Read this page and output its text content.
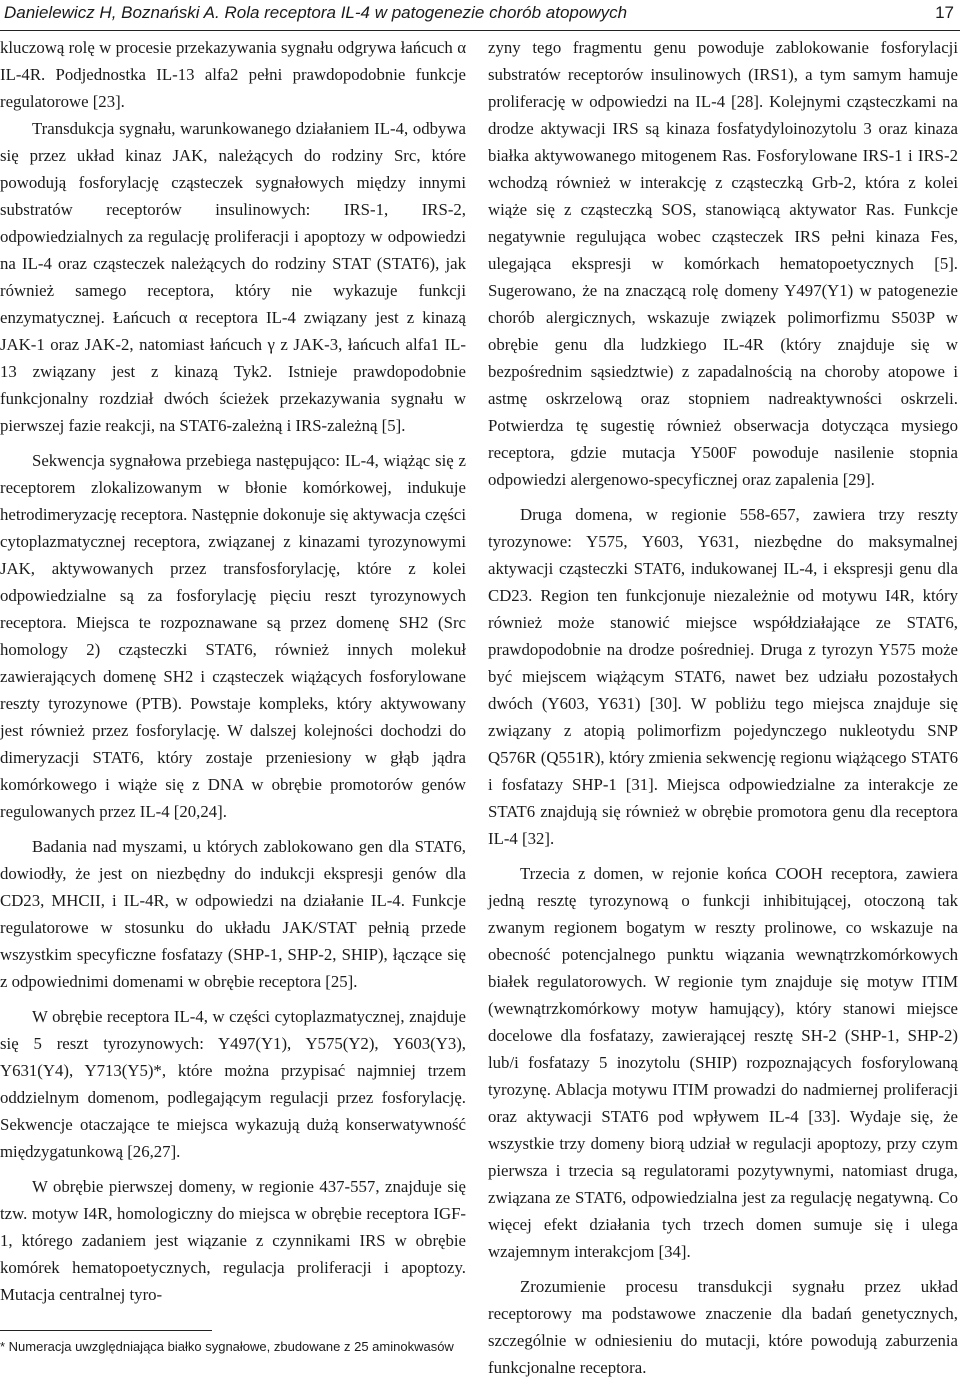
Danielewicz H, Boznański A. Rola receptora IL-4 w patogenezie chorób atopowych	17

kluczową rolę w procesie przekazywania sygnału odgrywa łańcuch α IL-4R. Podjednostka IL-13 alfa2 pełni prawdopodobnie funkcje regulatorowe [23].

Transdukcja sygnału, warunkowanego działaniem IL-4, odbywa się przez układ kinaz JAK, należących do rodziny Src, które powodują fosforylację cząsteczek sygnałowych między innymi substratów receptorów insulinowych: IRS-1, IRS-2, odpowiedzialnych za regulację proliferacji i apoptozy w odpowiedzi na IL-4 oraz cząsteczek należących do rodziny STAT (STAT6), jak również samego receptora, który nie wykazuje funkcji enzymatycznej. Łańcuch α receptora IL-4 związany jest z kinazą JAK-1 oraz JAK-2, natomiast łańcuch γ z JAK-3, łańcuch alfa1 IL-13 związany jest z kinazą Tyk2. Istnieje prawdopodobnie funkcjonalny rozdział dwóch ścieżek przekazywania sygnału w pierwszej fazie reakcji, na STAT6-zależną i IRS-zależną [5].

Sekwencja sygnałowa przebiega następująco: IL-4, wiążąc się z receptorem zlokalizowanym w błonie komórkowej, indukuje hetrodimeryzację receptora. Następnie dokonuje się aktywacja części cytoplazmatycznej receptora, związanej z kinazami tyrozynowymi JAK, aktywowanych przez transfosforylację, które z kolei odpowiedzialne są za fosforylację pięciu reszt tyrozynowych receptora. Miejsca te rozpoznawane są przez domenę SH2 (Src homology 2) cząsteczki STAT6, również innych molekuł zawierających domenę SH2 i cząsteczek wiążących fosforylowane reszty tyrozynowe (PTB). Powstaje kompleks, który aktywowany jest również przez fosforylację. W dalszej kolejności dochodzi do dimeryzacji STAT6, który zostaje przeniesiony w głąb jądra komórkowego i wiąże się z DNA w obrębie promotorów genów regulowanych przez IL-4 [20,24].

Badania nad myszami, u których zablokowano gen dla STAT6, dowiodły, że jest on niezbędny do indukcji ekspresji genów dla CD23, MHCII, i IL-4R, w odpowiedzi na działanie IL-4. Funkcje regulatorowe w stosunku do układu JAK/STAT pełnią przede wszystkim specyficzne fosfatazy (SHP-1, SHP-2, SHIP), łączące się z odpowiednimi domenami w obrębie receptora [25].

W obrębie receptora IL-4, w części cytoplazmatycznej, znajduje się 5 reszt tyrozynowych: Y497(Y1), Y575(Y2), Y603(Y3), Y631(Y4), Y713(Y5)*, które można przypisać najmniej trzem oddzielnym domenom, podlegającym regulacji przez fosforylację. Sekwencje otaczające te miejsca wykazują dużą konserwatywność międzygatunkową [26,27].

W obrębie pierwszej domeny, w regionie 437-557, znajduje się tzw. motyw I4R, homologiczny do miejsca w obrębie receptora IGF-1, którego zadaniem jest wiązanie z czynnikami IRS w obrębie komórek hematopoetycznych, regulacja proliferacji i apoptozy. Mutacja centralnej tyro-

zyny tego fragmentu genu powoduje zablokowanie fosforylacji substratów receptorów insulinowych (IRS1), a tym samym hamuje proliferację w odpowiedzi na IL-4 [28]. Kolejnymi cząsteczkami na drodze aktywacji IRS są kinaza fosfatydyloinozytolu 3 oraz kinaza białka aktywowanego mitogenem Ras. Fosforylowane IRS-1 i IRS-2 wchodzą również w interakcję z cząsteczką Grb-2, która z kolei wiąże się z cząsteczką SOS, stanowiącą aktywator Ras. Funkcje negatywnie regulująca wobec cząsteczek IRS pełni kinaza Fes, ulegająca ekspresji w komórkach hematopoetycznych [5]. Sugerowano, że na znaczącą rolę domeny Y497(Y1) w patogenezie chorób alergicznych, wskazuje związek polimorfizmu S503P w obrębie genu dla ludzkiego IL-4R (który znajduje się w bezpośrednim sąsiedztwie) z zapadalnością na choroby atopowe i astmę oskrzelową oraz stopniem nadreaktywności oskrzeli. Potwierdza tę sugestię również obserwacja dotycząca mysiego receptora, gdzie mutacja Y500F powoduje nasilenie stopnia odpowiedzi alergenowo-specyficznej oraz zapalenia [29].

Druga domena, w regionie 558-657, zawiera trzy reszty tyrozynowe: Y575, Y603, Y631, niezbędne do maksymalnej aktywacji cząsteczki STAT6, indukowanej IL-4, i ekspresji genu dla CD23. Region ten funkcjonuje niezależnie od motywu I4R, który również może stanowić miejsce współdziałające ze STAT6, prawdopodobnie na drodze pośredniej. Druga z tyrozyn Y575 może być miejscem wiążącym STAT6, nawet bez udziału pozostałych dwóch (Y603, Y631) [30]. W pobliżu tego miejsca znajduje się związany z atopią polimorfizm pojedynczego nukleotydu SNP Q576R (Q551R), który zmienia sekwencję regionu wiążącego STAT6 i fosfatazy SHP-1 [31]. Miejsca odpowiedzialne za interakcje ze STAT6 znajdują się również w obrębie promotora genu dla receptora IL-4 [32].

Trzecia z domen, w rejonie końca COOH receptora, zawiera jedną resztę tyrozynową o funkcji inhibitującej, otoczoną tak zwanym regionem bogatym w reszty prolinowe, co wskazuje na obecność potencjalnego punktu wiązania wewnątrzkomórkowych białek regulatorowych. W regionie tym znajduje się motyw ITIM (wewnątrzkomórkowy motyw hamujący), który stanowi miejsce docelowe dla fosfatazy, zawierającej resztę SH-2 (SHP-1, SHP-2) lub/i fosfatazy 5 inozytolu (SHIP) rozpoznających fosforylowaną tyrozynę. Ablacja motywu ITIM prowadzi do nadmiernej proliferacji oraz aktywacji STAT6 pod wpływem IL-4 [33]. Wydaje się, że wszystkie trzy domeny biorą udział w regulacji apoptozy, przy czym pierwsza i trzecia są regulatorami pozytywnymi, natomiast druga, związana ze STAT6, odpowiedzialna jest za regulację negatywną. Co więcej efekt działania tych trzech domen sumuje się i ulega wzajemnym interakcjom [34].

Zrozumienie procesu transdukcji sygnału przez układ receptorowy ma podstawowe znaczenie dla badań genetycznych, szczególnie w odniesieniu do mutacji, które powodują zaburzenia funkcjonalne receptora.

* Numeracja uwzględniająca białko sygnałowe, zbudowane z 25 aminokwasów
